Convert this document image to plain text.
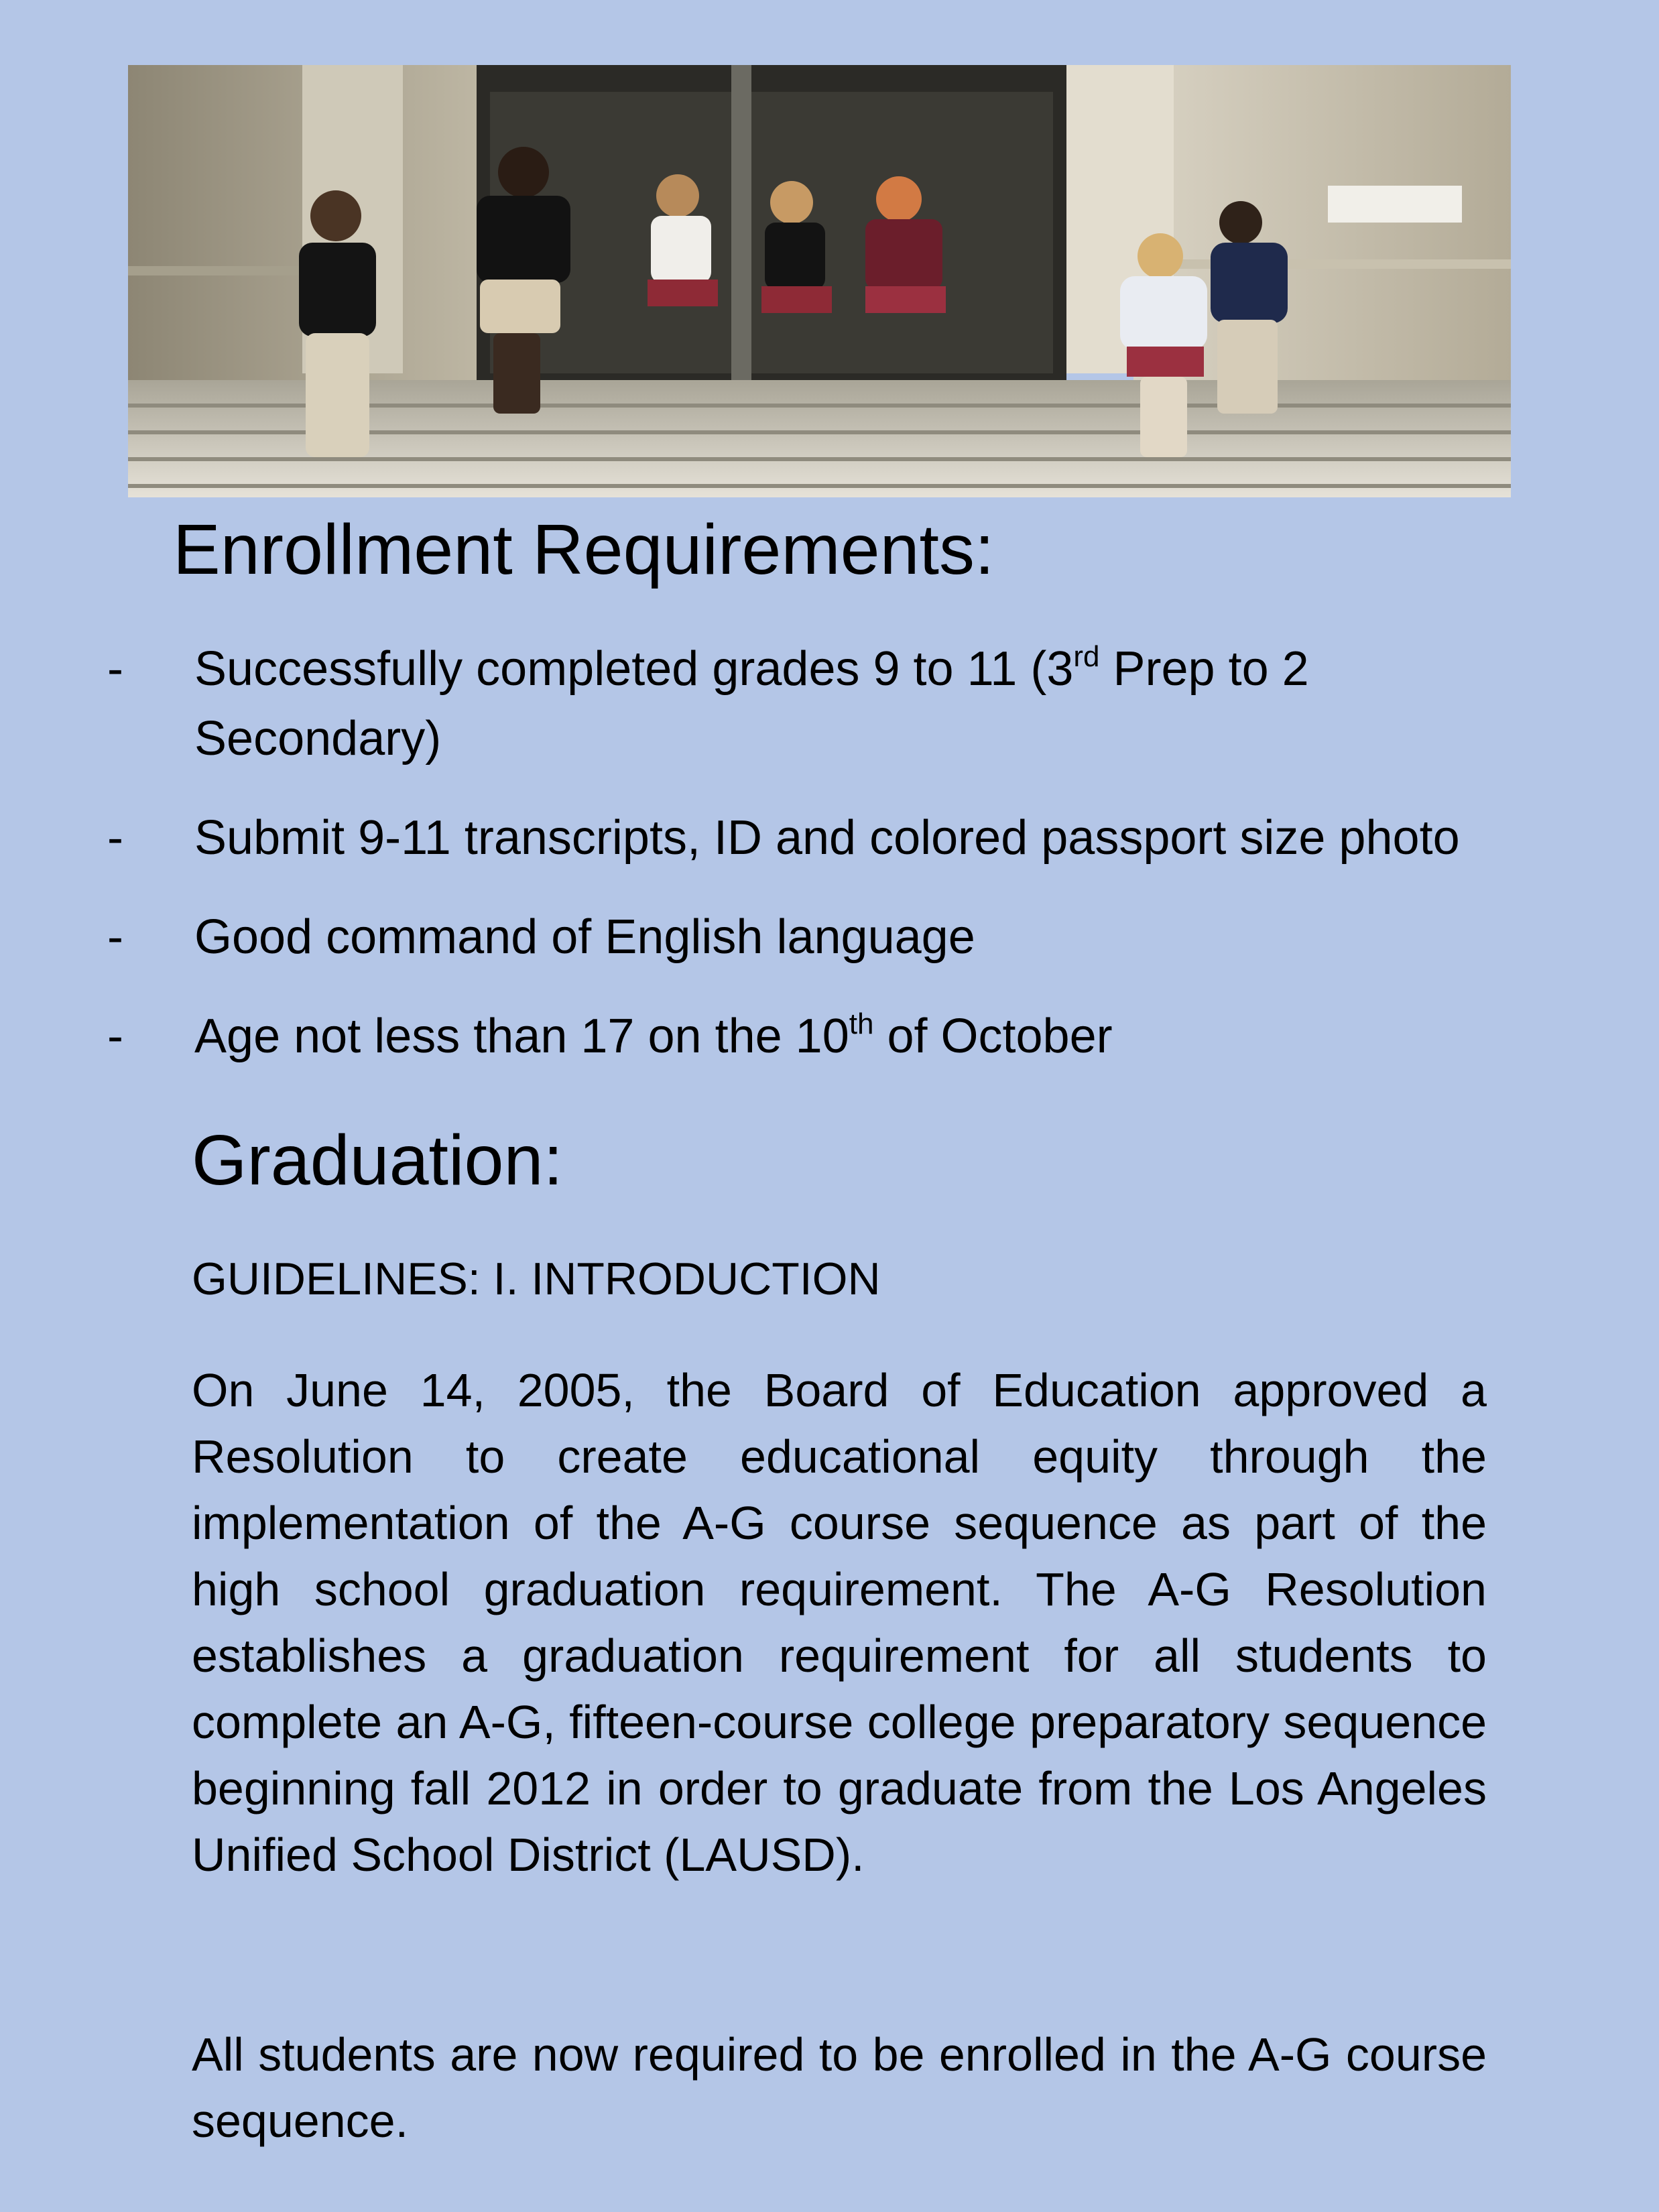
Enrollment Requirements:
- Successfully completed grades 9 to 11 (3rd Prep to 2 Secondary)
- Submit 9-11 transcripts, ID and colored passport size photo
- Good command of English language
- Age not less than 17 on the 10th of October
Graduation:
GUIDELINES: I. INTRODUCTION

On June 14, 2005, the Board of Education approved a Resolution to create educational equity through the implementation of the A-G course sequence as part of the high school graduation requirement. The A-G Resolution establishes a graduation requirement for all students to complete an A-G, fifteen-course college preparatory sequence beginning fall 2012 in order to graduate from the Los Angeles Unified School District (LAUSD).

All students are now required to be enrolled in the A-G course sequence.
